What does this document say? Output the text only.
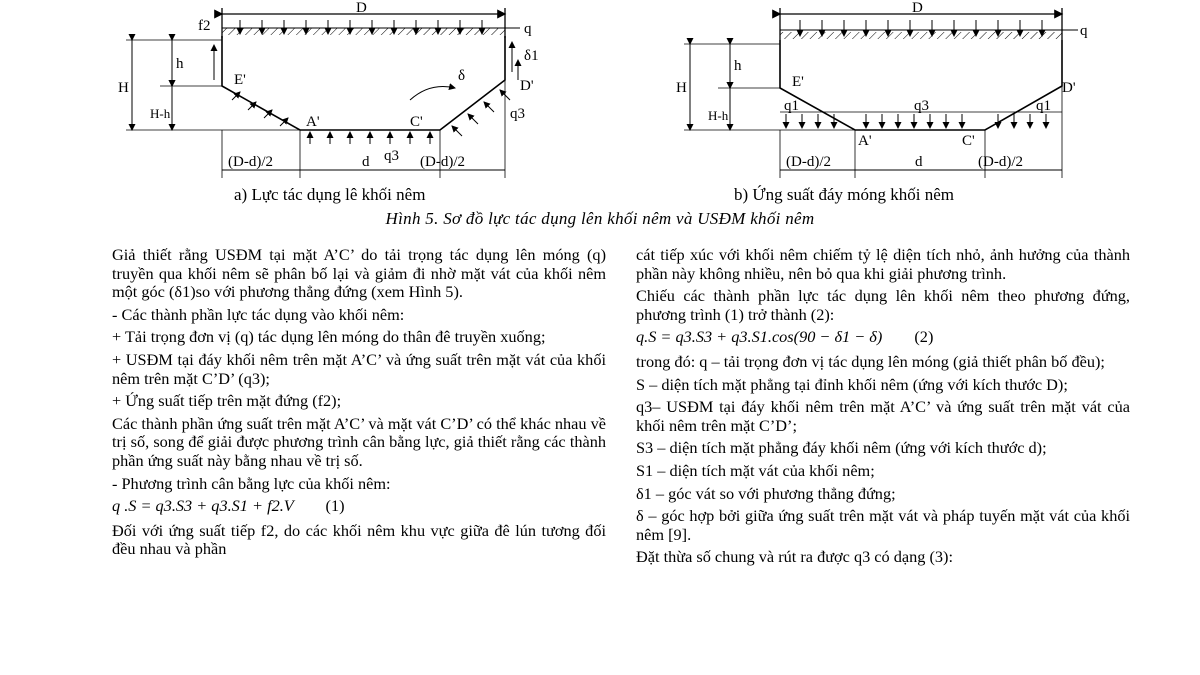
D
q
f2
δ1
δ
H
h
H-h
E'	D'
A'	C'	q3
q3
(D-d)/2	d	(D-d)/2
D
q
H
h
H-h
E'	D'
A'	C'
q1	q3	q1
(D-d)/2	d	(D-d)/2
a) Lực tác dụng lê khối nêm	b) Ứng suất đáy móng khối nêm
Hình 5. Sơ đồ lực tác dụng lên khối nêm và USĐM khối nêm

Giả thiết rằng USĐM tại mặt A’C’ do tải trọng tác dụng lên móng (q) truyền qua khối nêm sẽ phân bố lại và giảm đi nhờ mặt vát của khối nêm một góc (δ1)so với phương thẳng đứng (xem Hình 5).

- Các thành phần lực tác dụng vào khối nêm:

+ Tải trọng đơn vị (q) tác dụng lên móng do thân đê truyền xuống;

+ USĐM tại đáy khối nêm trên mặt A’C’ và ứng suất trên mặt vát của khối nêm trên mặt C’D’ (q3);

+ Ứng suất tiếp trên mặt đứng (f2);

Các thành phần ứng suất trên mặt A’C’ và mặt vát C’D’ có thể khác nhau về trị số, song để giải được phương trình cân bằng lực, giả thiết rằng các thành phần ứng suất này bằng nhau về trị số.

- Phương trình cân bằng lực của khối nêm:

q .S = q3.S3 + q3.S1 + f2.V (1)

Đối với ứng suất tiếp f2, do các khối nêm khu vực giữa đê lún tương đối đều nhau và phần

cát tiếp xúc với khối nêm chiếm tỷ lệ diện tích nhỏ, ảnh hưởng của thành phần này không nhiều, nên bỏ qua khi giải phương trình.

Chiếu các thành phần lực tác dụng lên khối nêm theo phương đứng, phương trình (1) trở thành (2):

q.S = q3.S3 + q3.S1.cos(90 − δ1 − δ) (2)

trong đó: q – tải trọng đơn vị tác dụng lên móng (giả thiết phân bố đều);

S – diện tích mặt phẳng tại đỉnh khối nêm (ứng với kích thước D);

q3– USĐM tại đáy khối nêm trên mặt A’C’ và ứng suất trên mặt vát của khối nêm trên mặt C’D’;

S3 – diện tích mặt phẳng đáy khối nêm (ứng với kích thước d);

S1 – diện tích mặt vát của khối nêm;

δ1 – góc vát so với phương thẳng đứng;

δ – góc hợp bởi giữa ứng suất trên mặt vát và pháp tuyến mặt vát của khối nêm [9].

Đặt thừa số chung và rút ra được q3 có dạng (3):
